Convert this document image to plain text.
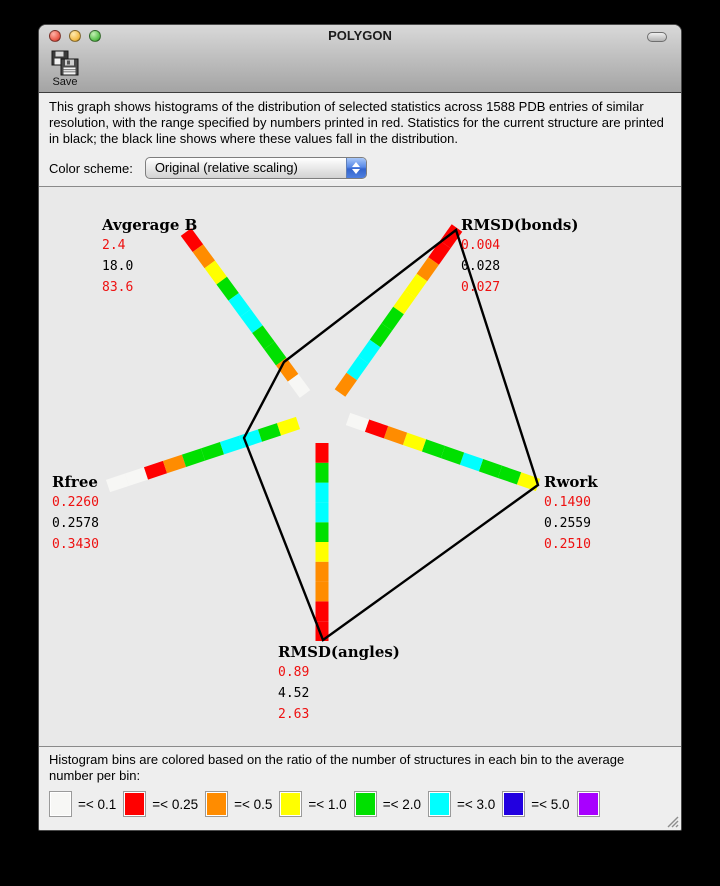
POLYGON
Save
This graph shows histograms of the distribution of selected statistics across 1588 PDB entries of similar resolution, with the range specified by numbers printed in red. Statistics for the current structure are printed in black; the black line shows where these values fall in the distribution.
Color scheme:	Original (relative scaling)
Avgerage B
2.4
18.0
83.6
RMSD(bonds)
0.004
0.028
0.027
Rfree
0.2260
0.2578
0.3430
Rwork
0.1490
0.2559
0.2510
RMSD(angles)
0.89
4.52
2.63
Histogram bins are colored based on the ratio of the number of structures in each bin to the average number per bin:
=< 0.1	=< 0.25	=< 0.5	=< 1.0	=< 2.0	=< 3.0	=< 5.0
